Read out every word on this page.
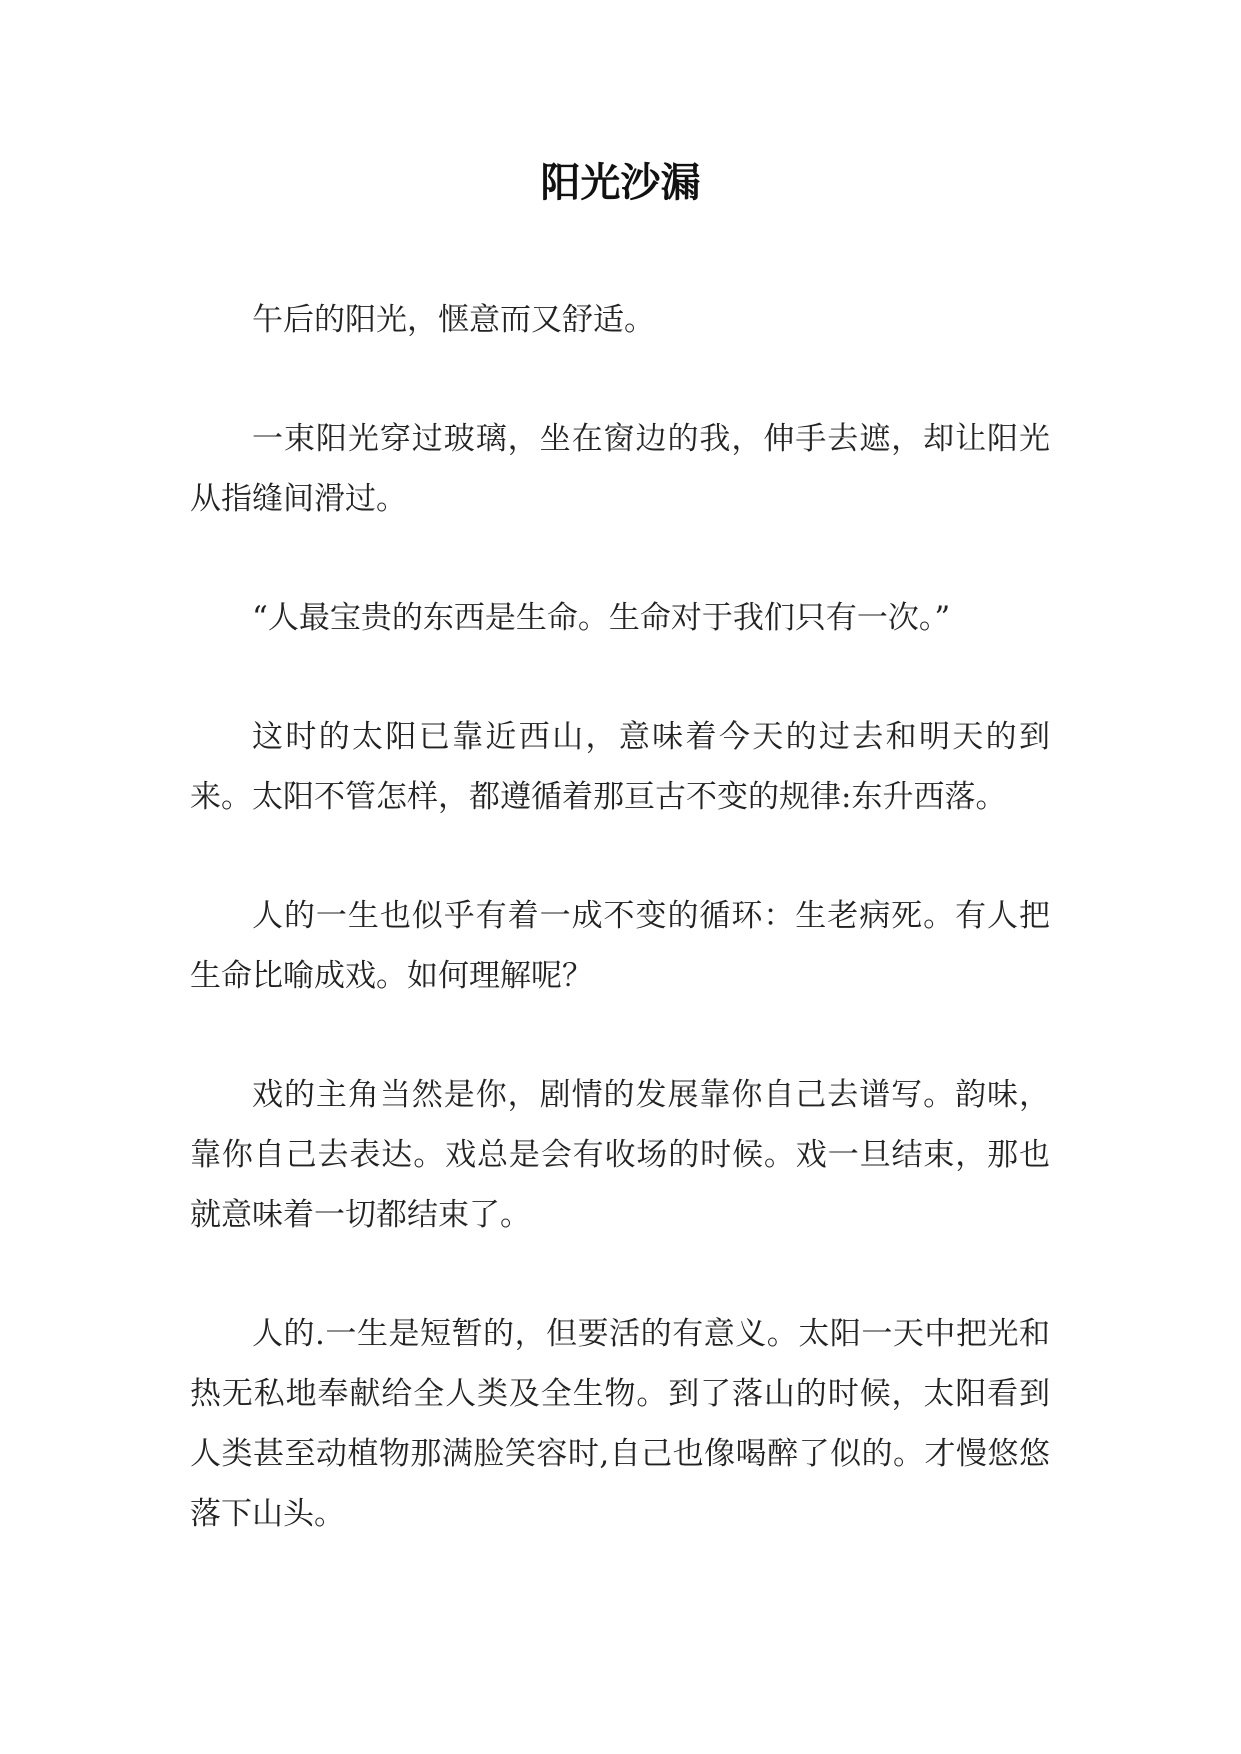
阳光沙漏

午后的阳光，惬意而又舒适。

一束阳光穿过玻璃，坐在窗边的我，伸手去遮，却让阳光从指缝间滑过。

“人最宝贵的东西是生命。生命对于我们只有一次。”

这时的太阳已靠近西山，意味着今天的过去和明天的到来。太阳不管怎样，都遵循着那亘古不变的规律:东升西落。

人的一生也似乎有着一成不变的循环：生老病死。有人把生命比喻成戏。如何理解呢？

戏的主角当然是你，剧情的发展靠你自己去谱写。韵味，靠你自己去表达。戏总是会有收场的时候。戏一旦结束，那也就意味着一切都结束了。

人的.一生是短暂的，但要活的有意义。太阳一天中把光和热无私地奉献给全人类及全生物。到了落山的时候，太阳看到人类甚至动植物那满脸笑容时,自己也像喝醉了似的。才慢悠悠落下山头。
